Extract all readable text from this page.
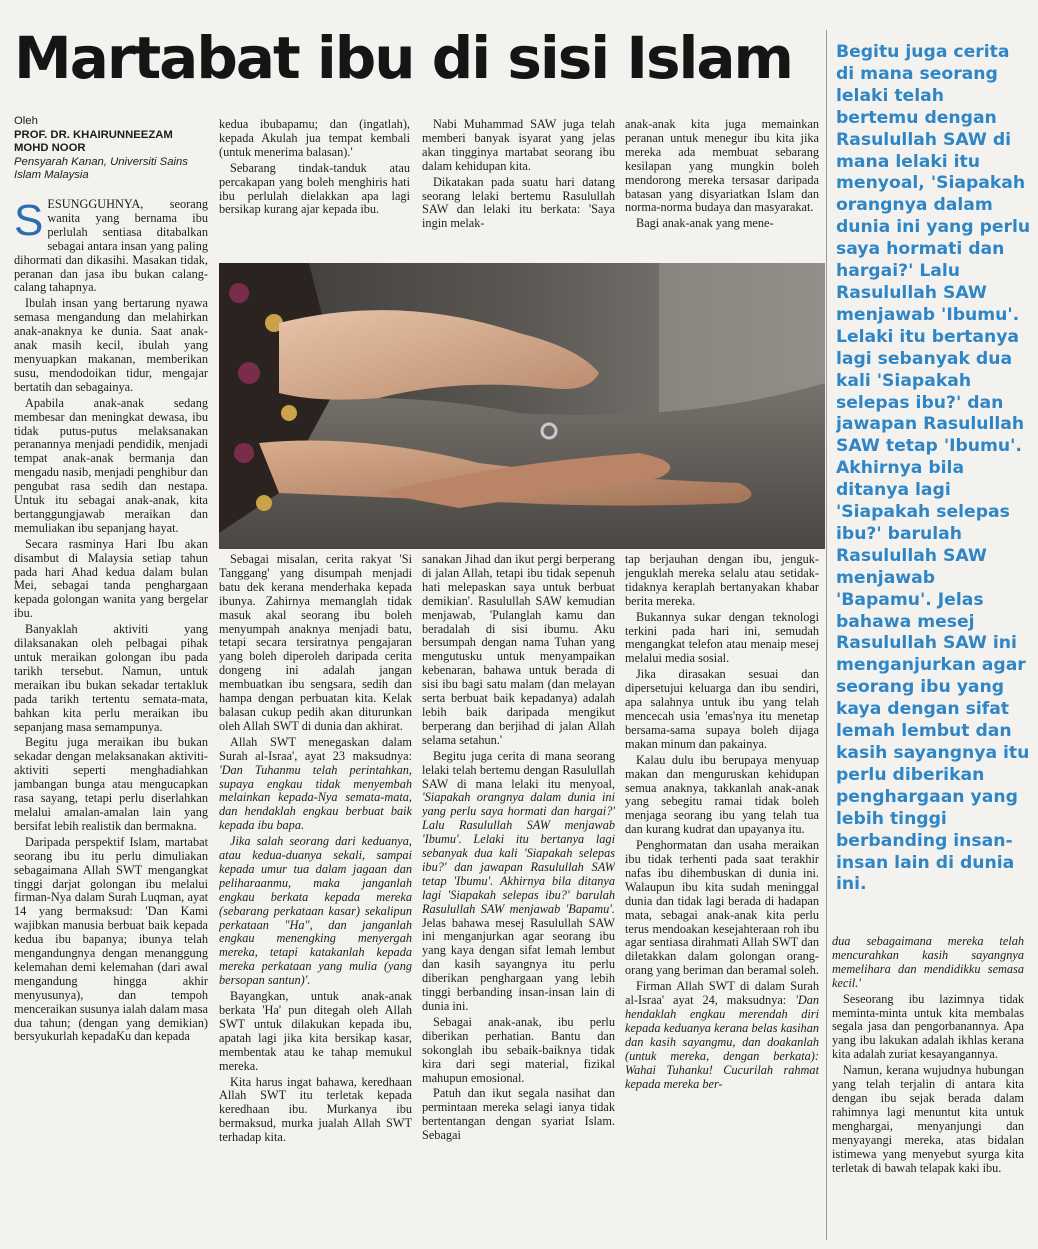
Martabat ibu di sisi Islam
Oleh
PROF. DR. KHAIRUNNEEZAM MOHD NOOR
Pensyarah Kanan, Universiti Sains Islam Malaysia

SESUNGGUHNYA, seorang wanita yang bernama ibu perlulah sentiasa ditabalkan sebagai antara insan yang paling dihormati dan dikasihi. Masakan tidak, peranan dan jasa ibu bukan calang-calang tahapnya.

Ibulah insan yang bertarung nyawa semasa mengandung dan melahirkan anak-anaknya ke dunia. Saat anak-anak masih kecil, ibulah yang menyuapkan makanan, memberikan susu, mendodoikan tidur, mengajar bertatih dan sebagainya.

Apabila anak-anak sedang membesar dan meningkat dewasa, ibu tidak putus-putus melaksanakan peranannya menjadi pendidik, menjadi tempat anak-anak bermanja dan mengadu nasib, menjadi penghibur dan pengubat rasa sedih dan nestapa. Untuk itu sebagai anak-anak, kita bertanggungjawab meraikan dan memuliakan ibu sepanjang hayat.

Secara rasminya Hari Ibu akan disambut di Malaysia setiap tahun pada hari Ahad kedua dalam bulan Mei, sebagai tanda penghargaan kepada golongan wanita yang bergelar ibu.

Banyaklah aktiviti yang dilaksanakan oleh pelbagai pihak untuk meraikan golongan ibu pada tarikh tersebut. Namun, untuk meraikan ibu bukan sekadar tertakluk pada tarikh tertentu semata-mata, bahkan kita perlu meraikan ibu sepanjang masa semampunya.

Begitu juga meraikan ibu bukan sekadar dengan melaksanakan aktiviti-aktiviti seperti menghadiahkan jambangan bunga atau mengucapkan rasa sayang, tetapi perlu diserlahkan melalui amalan-amalan lain yang bersifat lebih realistik dan bermakna.

Daripada perspektif Islam, martabat seorang ibu itu perlu dimuliakan sebagaimana Allah SWT mengangkat tinggi darjat golongan ibu melalui firman-Nya dalam Surah Luqman, ayat 14 yang bermaksud: 'Dan Kami wajibkan manusia berbuat baik kepada kedua ibu bapanya; ibunya telah mengandungnya dengan menanggung kelemahan demi kelemahan (dari awal mengandung hingga akhir menyusunya), dan tempoh menceraikan susunya ialah dalam masa dua tahun; (dengan yang demikian) bersyukurlah kepadaKu dan kepada

kedua ibubapamu; dan (ingatlah), kepada Akulah jua tempat kembali (untuk menerima balasan).'

Sebarang tindak-tanduk atau percakapan yang boleh menghiris hati ibu perlulah dielakkan apa lagi bersikap kurang ajar kepada ibu.

Nabi Muhammad SAW juga telah memberi banyak isyarat yang jelas akan tingginya martabat seorang ibu dalam kehidupan kita.

Dikatakan pada suatu hari datang seorang lelaki bertemu Rasulullah SAW dan lelaki itu berkata: 'Saya ingin melak-

anak-anak kita juga memainkan peranan untuk menegur ibu kita jika mereka ada membuat sebarang kesilapan yang mungkin boleh mendorong mereka tersasar daripada batasan yang disyariatkan Islam dan norma-norma budaya dan masyarakat.

Bagi anak-anak yang mene-

Sebagai misalan, cerita rakyat 'Si Tanggang' yang disumpah menjadi batu dek kerana menderhaka kepada ibunya. Zahirnya memanglah tidak masuk akal seorang ibu boleh menyumpah anaknya menjadi batu, tetapi secara tersiratnya pengajaran yang boleh diperoleh daripada cerita dongeng ini adalah jangan membuatkan ibu sengsara, sedih dan hampa dengan perbuatan kita. Kelak balasan cukup pedih akan diturunkan oleh Allah SWT di dunia dan akhirat.

Allah SWT menegaskan dalam Surah al-Israa', ayat 23 maksudnya: 'Dan Tuhanmu telah perintahkan, supaya engkau tidak menyembah melainkan kepada-Nya semata-mata, dan hendaklah engkau berbuat baik kepada ibu bapa.

Jika salah seorang dari keduanya, atau kedua-duanya sekali, sampai kepada umur tua dalam jagaan dan peliharaanmu, maka janganlah engkau berkata kepada mereka (sebarang perkataan kasar) sekalipun perkataan "Ha", dan janganlah engkau menengking menyergah mereka, tetapi katakanlah kepada mereka perkataan yang mulia (yang bersopan santun)'.

Bayangkan, untuk anak-anak berkata 'Ha' pun ditegah oleh Allah SWT untuk dilakukan kepada ibu, apatah lagi jika kita bersikap kasar, membentak atau ke tahap memukul mereka.

Kita harus ingat bahawa, keredhaan Allah SWT itu terletak kepada keredhaan ibu. Murkanya ibu bermaksud, murka jualah Allah SWT terhadap kita.

sanakan Jihad dan ikut pergi berperang di jalan Allah, tetapi ibu tidak sepenuh hati melepaskan saya untuk berbuat demikian'. Rasulullah SAW kemudian menjawab, 'Pulanglah kamu dan beradalah di sisi ibumu. Aku bersumpah dengan nama Tuhan yang mengutusku untuk menyampaikan kebenaran, bahawa untuk berada di sisi ibu bagi satu malam (dan melayan serta berbuat baik kepadanya) adalah lebih baik daripada mengikut berperang dan berjihad di jalan Allah selama setahun.'

Begitu juga cerita di mana seorang lelaki telah bertemu dengan Rasulullah SAW di mana lelaki itu menyoal, 'Siapakah orangnya dalam dunia ini yang perlu saya hormati dan hargai?' Lalu Rasulullah SAW menjawab 'Ibumu'. Lelaki itu bertanya lagi sebanyak dua kali 'Siapakah selepas ibu?' dan jawapan Rasulullah SAW tetap 'Ibumu'. Akhirnya bila ditanya lagi 'Siapakah selepas ibu?' barulah Rasulullah SAW menjawab 'Bapamu'. Jelas bahawa mesej Rasulullah SAW ini menganjurkan agar seorang ibu yang kaya dengan sifat lemah lembut dan kasih sayangnya itu perlu diberikan penghargaan yang lebih tinggi berbanding insan-insan lain di dunia ini.

Sebagai anak-anak, ibu perlu diberikan perhatian. Bantu dan sokonglah ibu sebaik-baiknya tidak kira dari segi material, fizikal mahupun emosional.

Patuh dan ikut segala nasihat dan permintaan mereka selagi ianya tidak bertentangan dengan syariat Islam. Sebagai

tap berjauhan dengan ibu, jenguk-jenguklah mereka selalu atau setidak-tidaknya keraplah bertanyakan khabar berita mereka.

Bukannya sukar dengan teknologi terkini pada hari ini, semudah mengangkat telefon atau menaip mesej melalui media sosial.

Jika dirasakan sesuai dan dipersetujui keluarga dan ibu sendiri, apa salahnya untuk ibu yang telah mencecah usia 'emas'nya itu menetap bersama-sama supaya boleh dijaga makan minum dan pakainya.

Kalau dulu ibu berupaya menyuap makan dan menguruskan kehidupan semua anaknya, takkanlah anak-anak yang sebegitu ramai tidak boleh menjaga seorang ibu yang telah tua dan kurang kudrat dan upayanya itu.

Penghormatan dan usaha meraikan ibu tidak terhenti pada saat terakhir nafas ibu dihembuskan di dunia ini. Walaupun ibu kita sudah meninggal dunia dan tidak lagi berada di hadapan mata, sebagai anak-anak kita perlu terus mendoakan kesejahteraan roh ibu agar sentiasa dirahmati Allah SWT dan diletakkan dalam golongan orang-orang yang beriman dan beramal soleh.

Firman Allah SWT di dalam Surah al-Israa' ayat 24, maksudnya: 'Dan hendaklah engkau merendah diri kepada keduanya kerana belas kasihan dan kasih sayangmu, dan doakanlah (untuk mereka, dengan berkata): Wahai Tuhanku! Cucurilah rahmat kepada mereka ber-

dua sebagaimana mereka telah mencurahkan kasih sayangnya memelihara dan mendidikku semasa kecil.'

Seseorang ibu lazimnya tidak meminta-minta untuk kita membalas segala jasa dan pengorbanannya. Apa yang ibu lakukan adalah ikhlas kerana kita adalah zuriat kesayangannya.

Namun, kerana wujudnya hubungan yang telah terjalin di antara kita dengan ibu sejak berada dalam rahimnya lagi menuntut kita untuk menghargai, menyanjungi dan menyayangi mereka, atas bidalan istimewa yang menyebut syurga kita terletak di bawah telapak kaki ibu.

Begitu juga cerita di mana seorang lelaki telah bertemu dengan Rasulullah SAW di mana lelaki itu menyoal, 'Siapakah orangnya dalam dunia ini yang perlu saya hormati dan hargai?' Lalu Rasulullah SAW menjawab 'Ibumu'. Lelaki itu bertanya lagi sebanyak dua kali 'Siapakah selepas ibu?' dan jawapan Rasulullah SAW tetap 'Ibumu'. Akhirnya bila ditanya lagi 'Siapakah selepas ibu?' barulah Rasulullah SAW menjawab 'Bapamu'. Jelas bahawa mesej Rasulullah SAW ini menganjurkan agar seorang ibu yang kaya dengan sifat lemah lembut dan kasih sayangnya itu perlu diberikan penghargaan yang lebih tinggi berbanding insan-insan lain di dunia ini.
